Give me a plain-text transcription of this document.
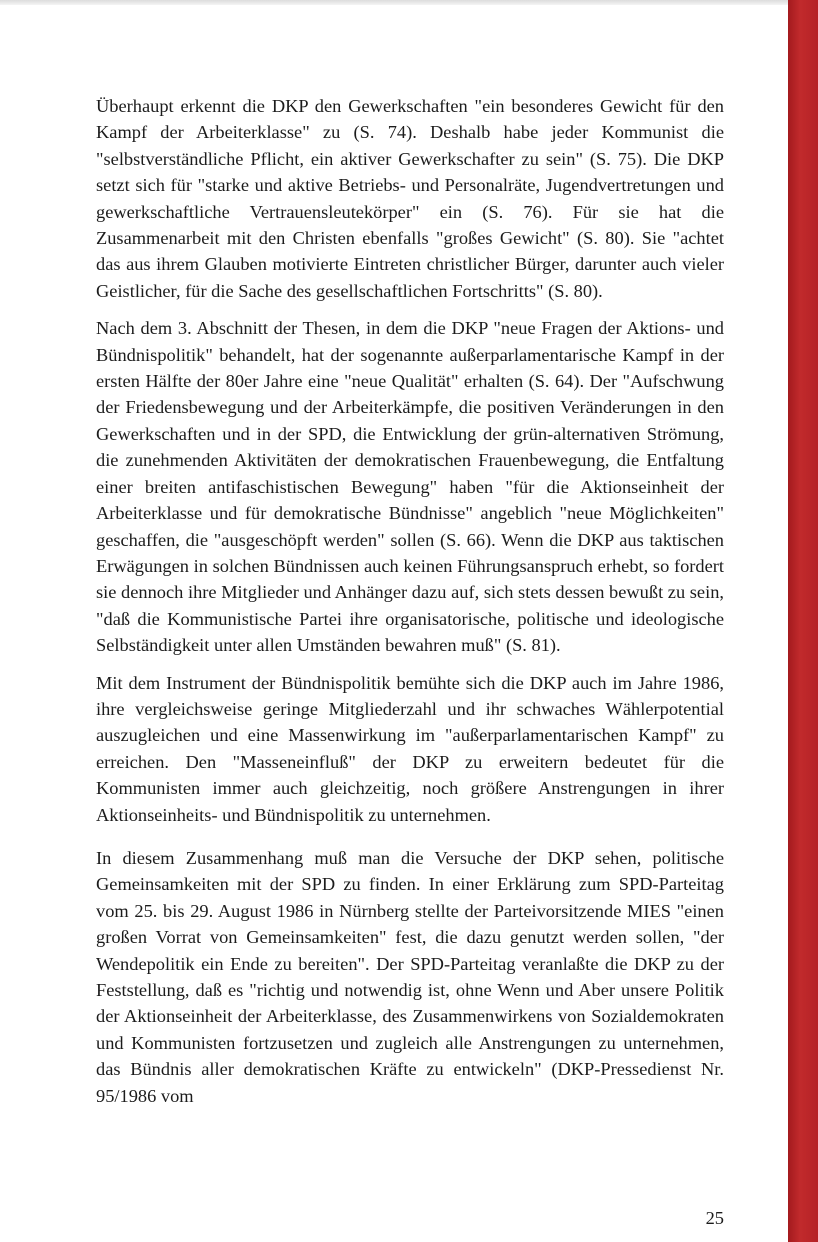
Überhaupt erkennt die DKP den Gewerkschaften "ein besonderes Gewicht für den Kampf der Arbeiterklasse" zu (S. 74). Deshalb habe jeder Kommunist die "selbstverständliche Pflicht, ein aktiver Gewerkschafter zu sein" (S. 75). Die DKP setzt sich für "starke und aktive Betriebs- und Personalräte, Jugendvertretungen und gewerkschaftliche Vertrauensleutekörper" ein (S. 76). Für sie hat die Zusammenarbeit mit den Christen ebenfalls "großes Gewicht" (S. 80). Sie "achtet das aus ihrem Glauben motivierte Eintreten christlicher Bürger, darunter auch vieler Geistlicher, für die Sache des gesellschaftlichen Fortschritts" (S. 80).

Nach dem 3. Abschnitt der Thesen, in dem die DKP "neue Fragen der Aktions- und Bündnispolitik" behandelt, hat der sogenannte außerparlamentarische Kampf in der ersten Hälfte der 80er Jahre eine "neue Qualität" erhalten (S. 64). Der "Aufschwung der Friedensbewegung und der Arbeiterkämpfe, die positiven Veränderungen in den Gewerkschaften und in der SPD, die Entwicklung der grün-alternativen Strömung, die zunehmenden Aktivitäten der demokratischen Frauenbewegung, die Entfaltung einer breiten antifaschistischen Bewegung" haben "für die Aktionseinheit der Arbeiterklasse und für demokratische Bündnisse" angeblich "neue Möglichkeiten" geschaffen, die "ausgeschöpft werden" sollen (S. 66). Wenn die DKP aus taktischen Erwägungen in solchen Bündnissen auch keinen Führungsanspruch erhebt, so fordert sie dennoch ihre Mitglieder und Anhänger dazu auf, sich stets dessen bewußt zu sein, "daß die Kommunistische Partei ihre organisatorische, politische und ideologische Selbständigkeit unter allen Umständen bewahren muß" (S. 81).

Mit dem Instrument der Bündnispolitik bemühte sich die DKP auch im Jahre 1986, ihre vergleichsweise geringe Mitgliederzahl und ihr schwaches Wählerpotential auszugleichen und eine Massenwirkung im "außerparlamentarischen Kampf" zu erreichen. Den "Masseneinfluß" der DKP zu erweitern bedeutet für die Kommunisten immer auch gleichzeitig, noch größere Anstrengungen in ihrer Aktionseinheits- und Bündnispolitik zu unternehmen.

In diesem Zusammenhang muß man die Versuche der DKP sehen, politische Gemeinsamkeiten mit der SPD zu finden. In einer Erklärung zum SPD-Parteitag vom 25. bis 29. August 1986 in Nürnberg stellte der Parteivorsitzende MIES "einen großen Vorrat von Gemeinsamkeiten" fest, die dazu genutzt werden sollen, "der Wendepolitik ein Ende zu bereiten". Der SPD-Parteitag veranlaßte die DKP zu der Feststellung, daß es "richtig und notwendig ist, ohne Wenn und Aber unsere Politik der Aktionseinheit der Arbeiterklasse, des Zusammenwirkens von Sozialdemokraten und Kommunisten fortzusetzen und zugleich alle Anstrengungen zu unternehmen, das Bündnis aller demokratischen Kräfte zu entwickeln" (DKP-Pressedienst Nr. 95/1986 vom

25
